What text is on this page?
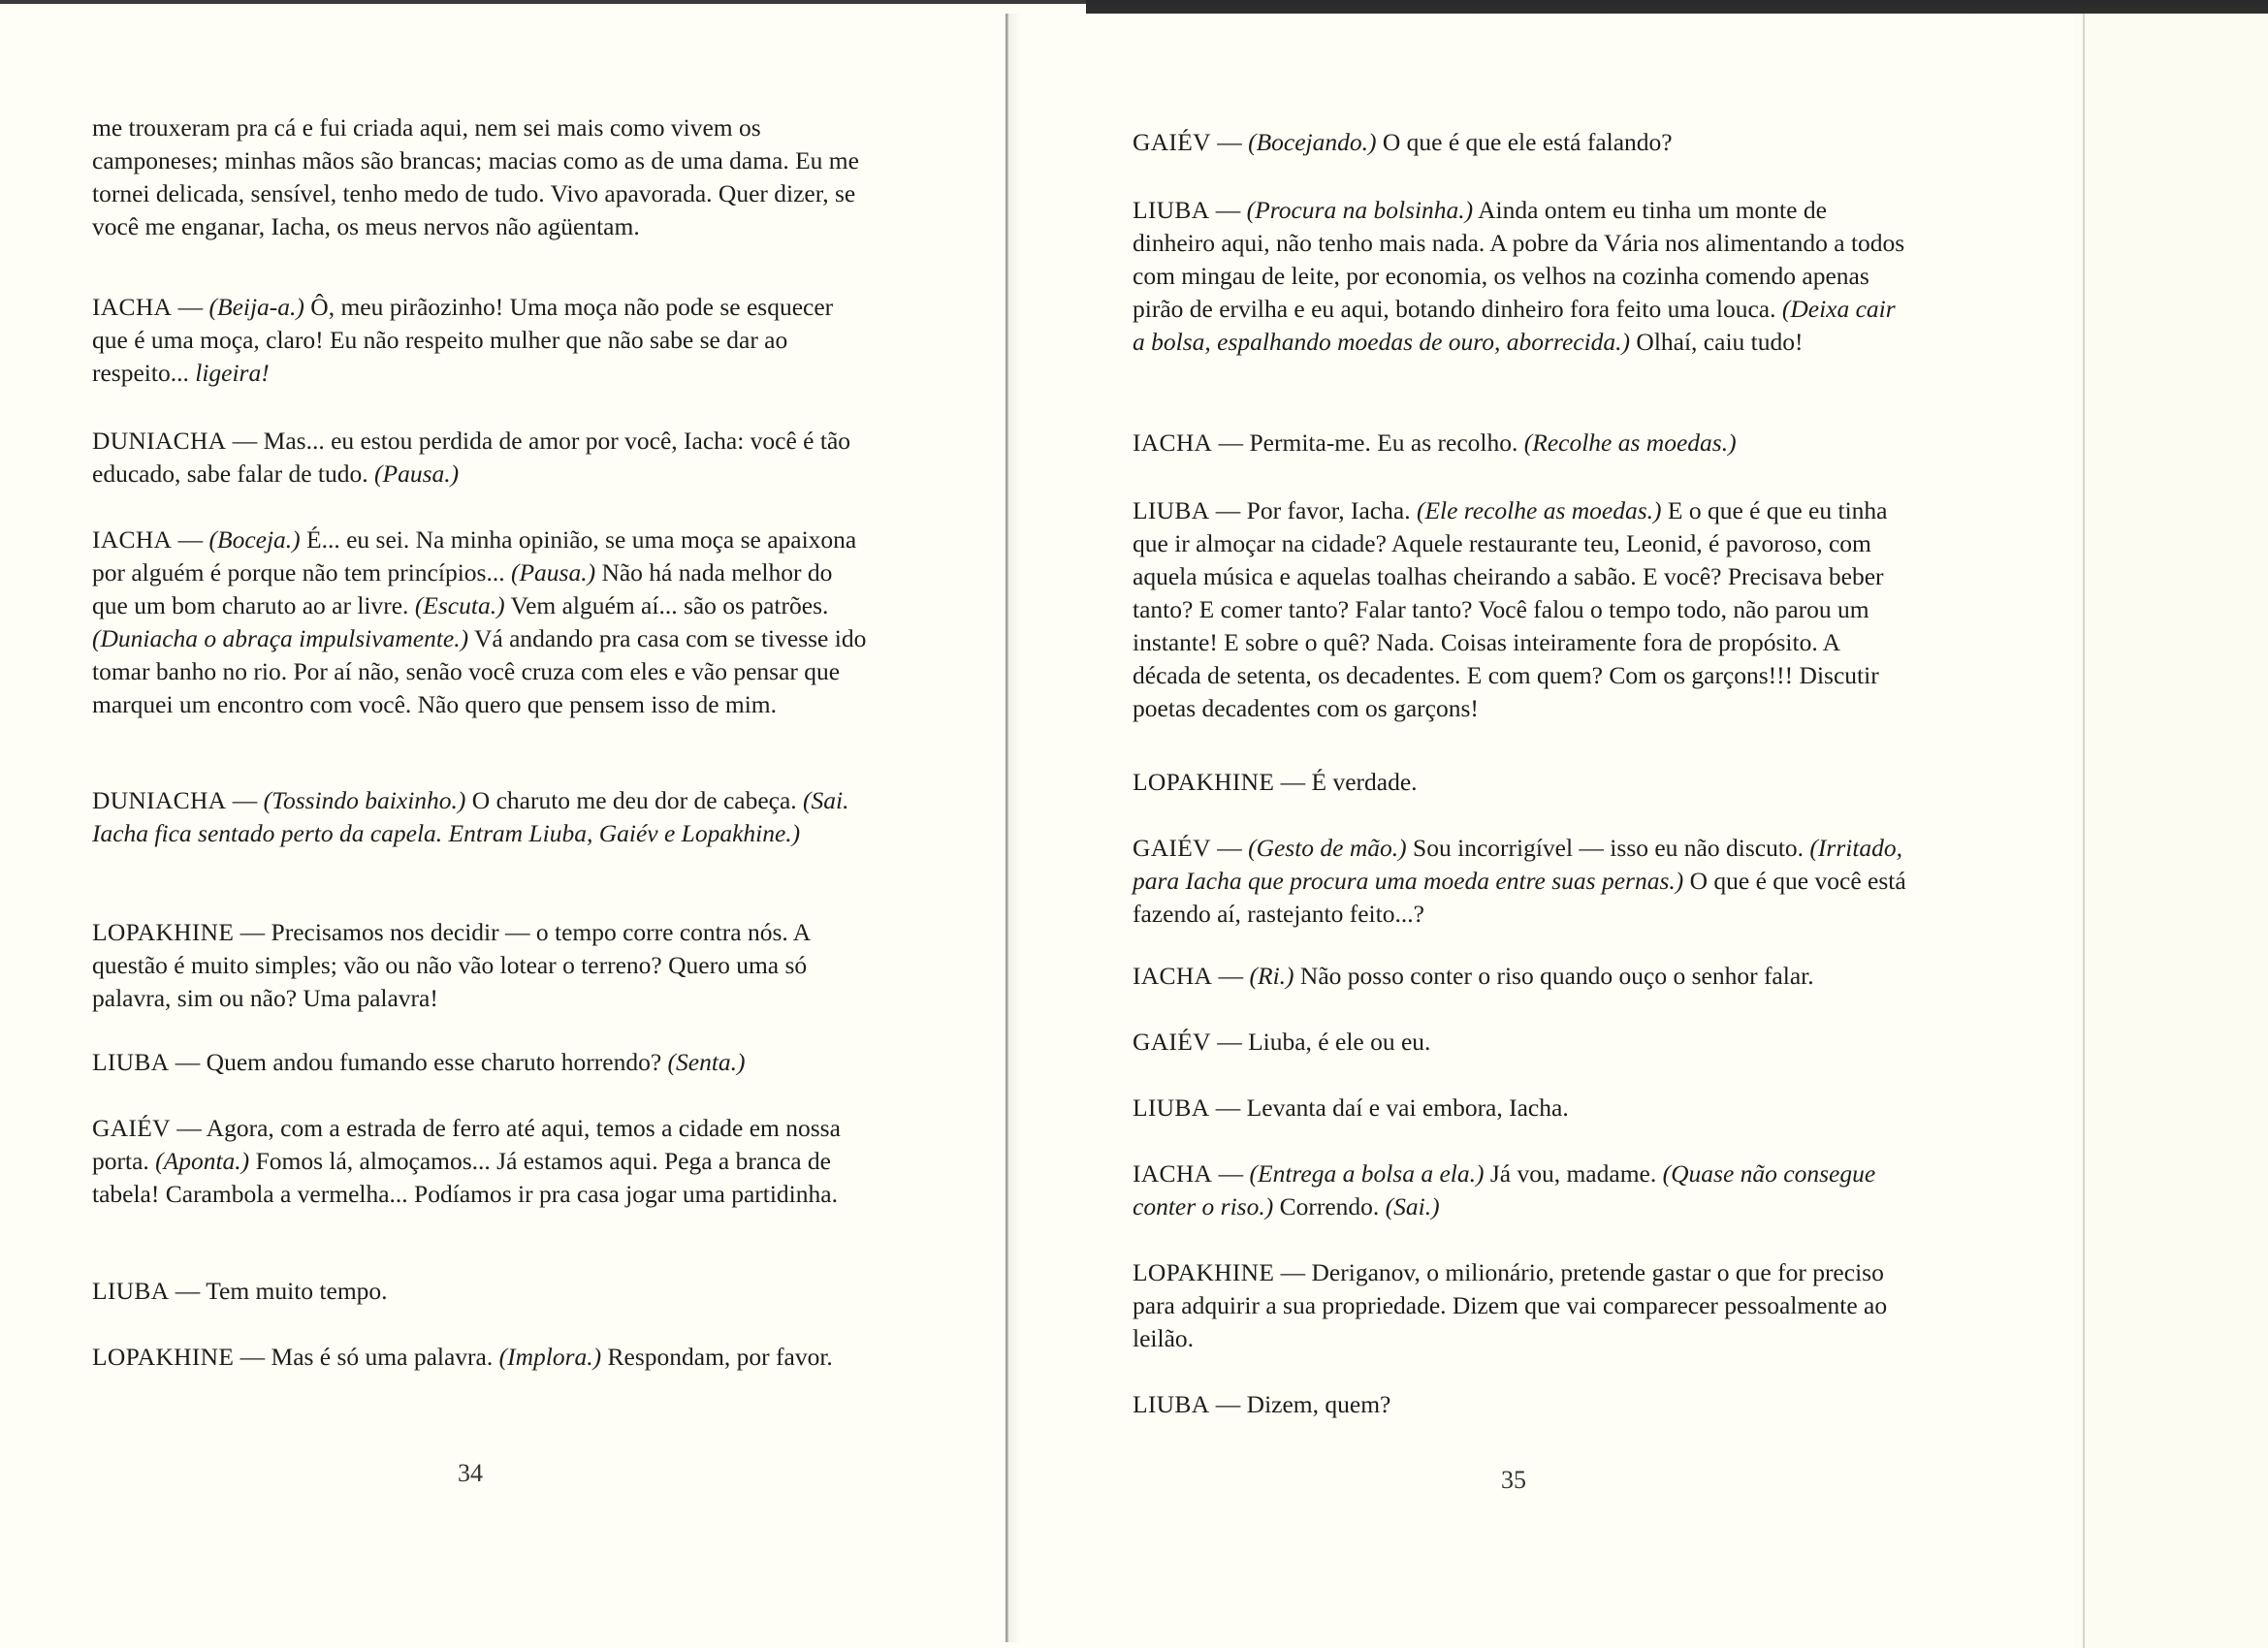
me trouxeram pra cá e fui criada aqui, nem sei mais como vivem os camponeses; minhas mãos são brancas; macias como as de uma dama. Eu me tornei delicada, sensível, tenho medo de tudo. Vivo apavorada. Quer dizer, se você me enganar, Iacha, os meus nervos não agüentam.

IACHA — (Beija-a.) Ô, meu pirãozinho! Uma moça não pode se esquecer que é uma moça, claro! Eu não respeito mulher que não sabe se dar ao respeito... ligeira!

DUNIACHA — Mas... eu estou perdida de amor por você, Iacha: você é tão educado, sabe falar de tudo. (Pausa.)

IACHA — (Boceja.) É... eu sei. Na minha opinião, se uma moça se apaixona por alguém é porque não tem princípios... (Pausa.) Não há nada melhor do que um bom charuto ao ar livre. (Escuta.) Vem alguém aí... são os patrões. (Duniacha o abraça impulsivamente.) Vá andando pra casa com se tivesse ido tomar banho no rio. Por aí não, senão você cruza com eles e vão pensar que marquei um encontro com você. Não quero que pensem isso de mim.

DUNIACHA — (Tossindo baixinho.) O charuto me deu dor de cabeça. (Sai. Iacha fica sentado perto da capela. Entram Liuba, Gaiév e Lopakhine.)

LOPAKHINE — Precisamos nos decidir — o tempo corre contra nós. A questão é muito simples; vão ou não vão lotear o terreno? Quero uma só palavra, sim ou não? Uma palavra!

LIUBA — Quem andou fumando esse charuto horrendo? (Senta.)

GAIÉV — Agora, com a estrada de ferro até aqui, temos a cidade em nossa porta. (Aponta.) Fomos lá, almoçamos... Já estamos aqui. Pega a branca de tabela! Carambola a vermelha... Podíamos ir pra casa jogar uma partidinha.

LIUBA — Tem muito tempo.

LOPAKHINE — Mas é só uma palavra. (Implora.) Respondam, por favor.

34

GAIÉV — (Bocejando.) O que é que ele está falando?

LIUBA — (Procura na bolsinha.) Ainda ontem eu tinha um monte de dinheiro aqui, não tenho mais nada. A pobre da Vária nos alimentando a todos com mingau de leite, por economia, os velhos na cozinha comendo apenas pirão de ervilha e eu aqui, botando dinheiro fora feito uma louca. (Deixa cair a bolsa, espalhando moedas de ouro, aborrecida.) Olhaí, caiu tudo!

IACHA — Permita-me. Eu as recolho. (Recolhe as moedas.)

LIUBA — Por favor, Iacha. (Ele recolhe as moedas.) E o que é que eu tinha que ir almoçar na cidade? Aquele restaurante teu, Leonid, é pavoroso, com aquela música e aquelas toalhas cheirando a sabão. E você? Precisava beber tanto? E comer tanto? Falar tanto? Você falou o tempo todo, não parou um instante! E sobre o quê? Nada. Coisas inteiramente fora de propósito. A década de setenta, os decadentes. E com quem? Com os garçons!!! Discutir poetas decadentes com os garçons!

LOPAKHINE — É verdade.

GAIÉV — (Gesto de mão.) Sou incorrigível — isso eu não discuto. (Irritado, para Iacha que procura uma moeda entre suas pernas.) O que é que você está fazendo aí, rastejanto feito...?

IACHA — (Ri.) Não posso conter o riso quando ouço o senhor falar.

GAIÉV — Liuba, é ele ou eu.

LIUBA — Levanta daí e vai embora, Iacha.

IACHA — (Entrega a bolsa a ela.) Já vou, madame. (Quase não consegue conter o riso.) Correndo. (Sai.)

LOPAKHINE — Deriganov, o milionário, pretende gastar o que for preciso para adquirir a sua propriedade. Dizem que vai comparecer pessoalmente ao leilão.

LIUBA — Dizem, quem?

35
